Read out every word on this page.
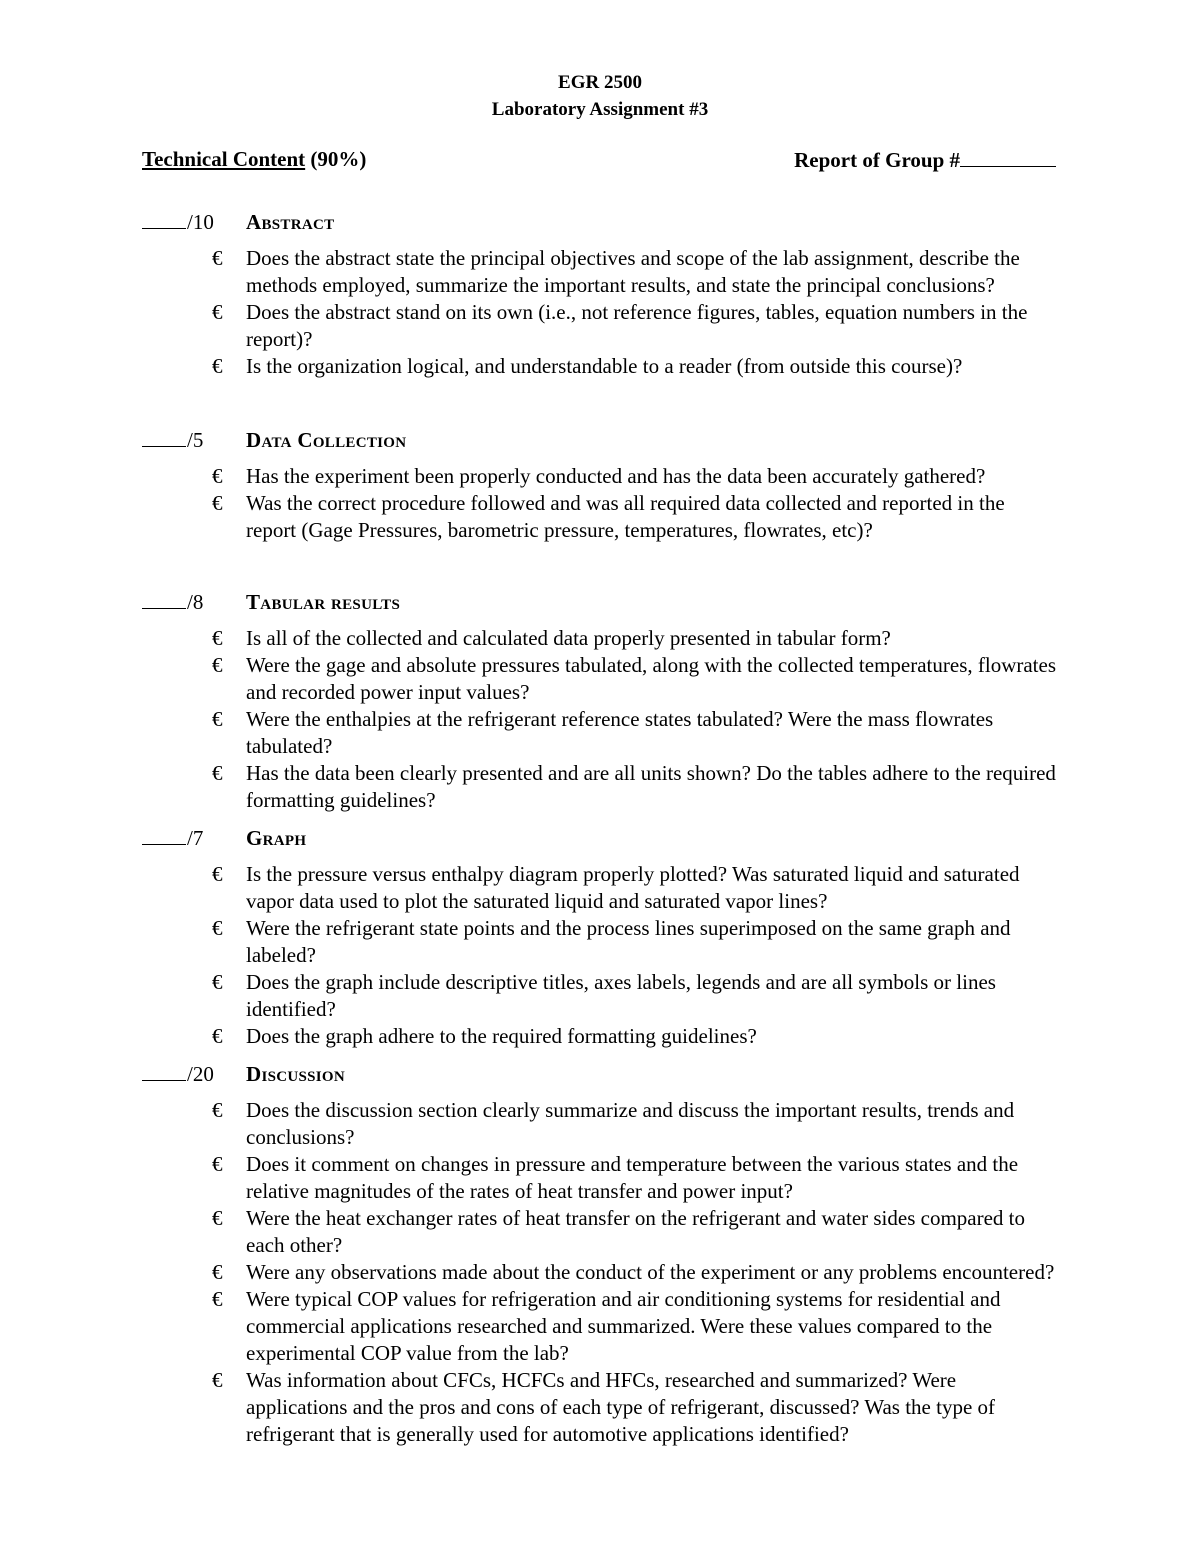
EGR 2500
Laboratory Assignment #3
Technical Content (90%)	Report of Group #
/10 Abstract
€	Does the abstract state the principal objectives and scope of the lab assignment, describe the methods employed, summarize the important results, and state the principal conclusions?
€	Does the abstract stand on its own (i.e., not reference figures, tables, equation numbers in the report)?
€	Is the organization logical, and understandable to a reader (from outside this course)?
/5 Data Collection
€	Has the experiment been properly conducted and has the data been accurately gathered?
€	Was the correct procedure followed and was all required data collected and reported in the report (Gage Pressures, barometric pressure, temperatures, flowrates, etc)?
/8 Tabular results
€	Is all of the collected and calculated data properly presented in tabular form?
€	Were the gage and absolute pressures tabulated, along with the collected temperatures, flowrates and recorded power input values?
€	Were the enthalpies at the refrigerant reference states tabulated? Were the mass flowrates tabulated?
€	Has the data been clearly presented and are all units shown? Do the tables adhere to the required formatting guidelines?
/7 Graph
€	Is the pressure versus enthalpy diagram properly plotted? Was saturated liquid and saturated vapor data used to plot the saturated liquid and saturated vapor lines?
€	Were the refrigerant state points and the process lines superimposed on the same graph and labeled?
€	Does the graph include descriptive titles, axes labels, legends and are all symbols or lines identified?
€	Does the graph adhere to the required formatting guidelines?
/20 Discussion
€	Does the discussion section clearly summarize and discuss the important results, trends and conclusions?
€	Does it comment on changes in pressure and temperature between the various states and the relative magnitudes of the rates of heat transfer and power input?
€	Were the heat exchanger rates of heat transfer on the refrigerant and water sides compared to each other?
€	Were any observations made about the conduct of the experiment or any problems encountered?
€	Were typical COP values for refrigeration and air conditioning systems for residential and commercial applications researched and summarized. Were these values compared to the experimental COP value from the lab?
€	Was information about CFCs, HCFCs and HFCs, researched and summarized? Were applications and the pros and cons of each type of refrigerant, discussed? Was the type of refrigerant that is generally used for automotive applications identified?
